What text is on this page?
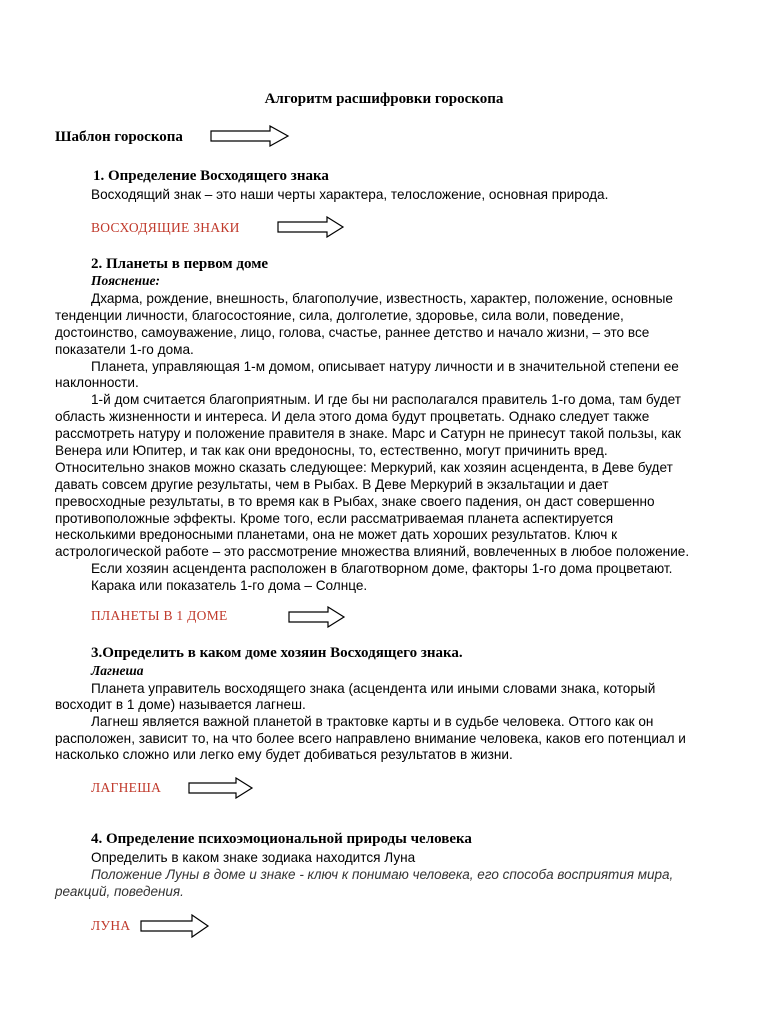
Алгоритм расшифровки гороскопа
Шаблон гороскопа
1. Определение Восходящего знака
Восходящий знак – это наши черты характера, телосложение, основная природа.
ВОСХОДЯЩИЕ ЗНАКИ
2. Планеты в первом доме
Пояснение:
Дхарма, рождение, внешность, благополучие, известность, характер, положение, основные
тенденции личности, благосостояние, сила, долголетие, здоровье, сила воли, поведение,
достоинство, самоуважение, лицо, голова, счастье, раннее детство и начало жизни, – это все
показатели 1-го дома.
Планета, управляющая 1-м домом, описывает натуру личности и в значительной степени ее
наклонности.
1-й дом считается благоприятным. И где бы ни располагался правитель 1-го дома, там будет
область жизненности и интереса. И дела этого дома будут процветать. Однако следует также
рассмотреть натуру и положение правителя в знаке. Марс и Сатурн не принесут такой пользы, как
Венера или Юпитер, и так как они вредоносны, то, естественно, могут причинить вред.
Относительно знаков можно сказать следующее: Меркурий, как хозяин асцендента, в Деве будет
давать совсем другие результаты, чем в Рыбах. В Деве Меркурий в экзальтации и дает
превосходные результаты, в то время как в Рыбах, знаке своего падения, он даст совершенно
противоположные эффекты. Кроме того, если рассматриваемая планета аспектируется
несколькими вредоносными планетами, она не может дать хороших результатов. Ключ к
астрологической работе – это рассмотрение множества влияний, вовлеченных в любое положение.
Если хозяин асцендента расположен в благотворном доме, факторы 1-го дома процветают.
Карака или показатель 1-го дома – Солнце.
ПЛАНЕТЫ В 1 ДОМЕ
3.Определить в каком доме хозяин Восходящего знака.
Лагнеша
Планета управитель восходящего знака (асцендента или иными словами знака, который
восходит в 1 доме) называется лагнеш.
Лагнеш является важной планетой в трактовке карты и в судьбе человека. Оттого как он
расположен, зависит то, на что более всего направлено внимание человека, каков его потенциал и
насколько сложно или легко ему будет добиваться результатов в жизни.
ЛАГНЕША
4. Определение психоэмоциональной природы человека
Определить в каком знаке зодиака находится Луна
Положение Луны в доме и знаке - ключ к понимаю человека, его способа восприятия мира,
реакций, поведения.
ЛУНА
